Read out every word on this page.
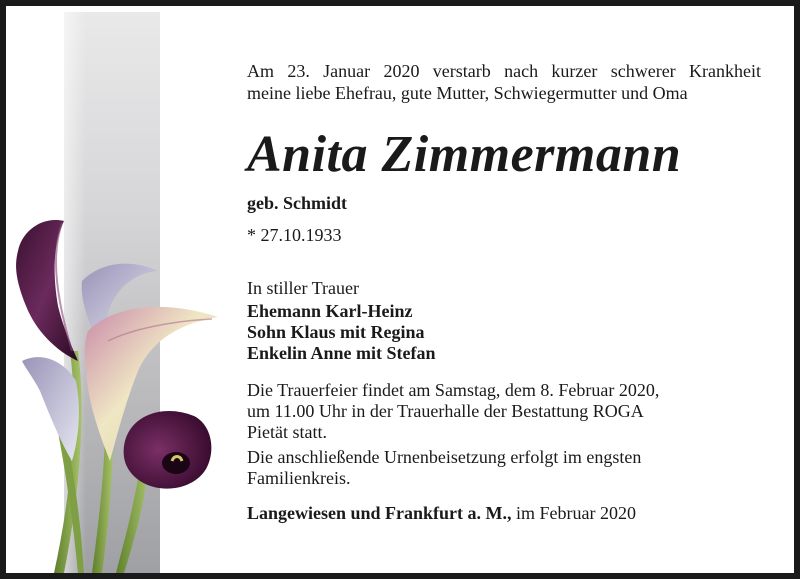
Am 23. Januar 2020 verstarb nach kurzer schwerer Krankheit
meine liebe Ehefrau, gute Mutter, Schwiegermutter und Oma
Anita Zimmermann
geb. Schmidt
* 27.10.1933
In stiller Trauer
Ehemann Karl-Heinz
Sohn Klaus mit Regina
Enkelin Anne mit Stefan
Die Trauerfeier findet am Samstag, dem 8. Februar 2020,
um 11.00 Uhr in der Trauerhalle der Bestattung ROGA
Pietät statt.
Die anschließende Urnenbeisetzung erfolgt im engsten
Familienkreis.
Langewiesen und Frankfurt a. M., im Februar 2020
